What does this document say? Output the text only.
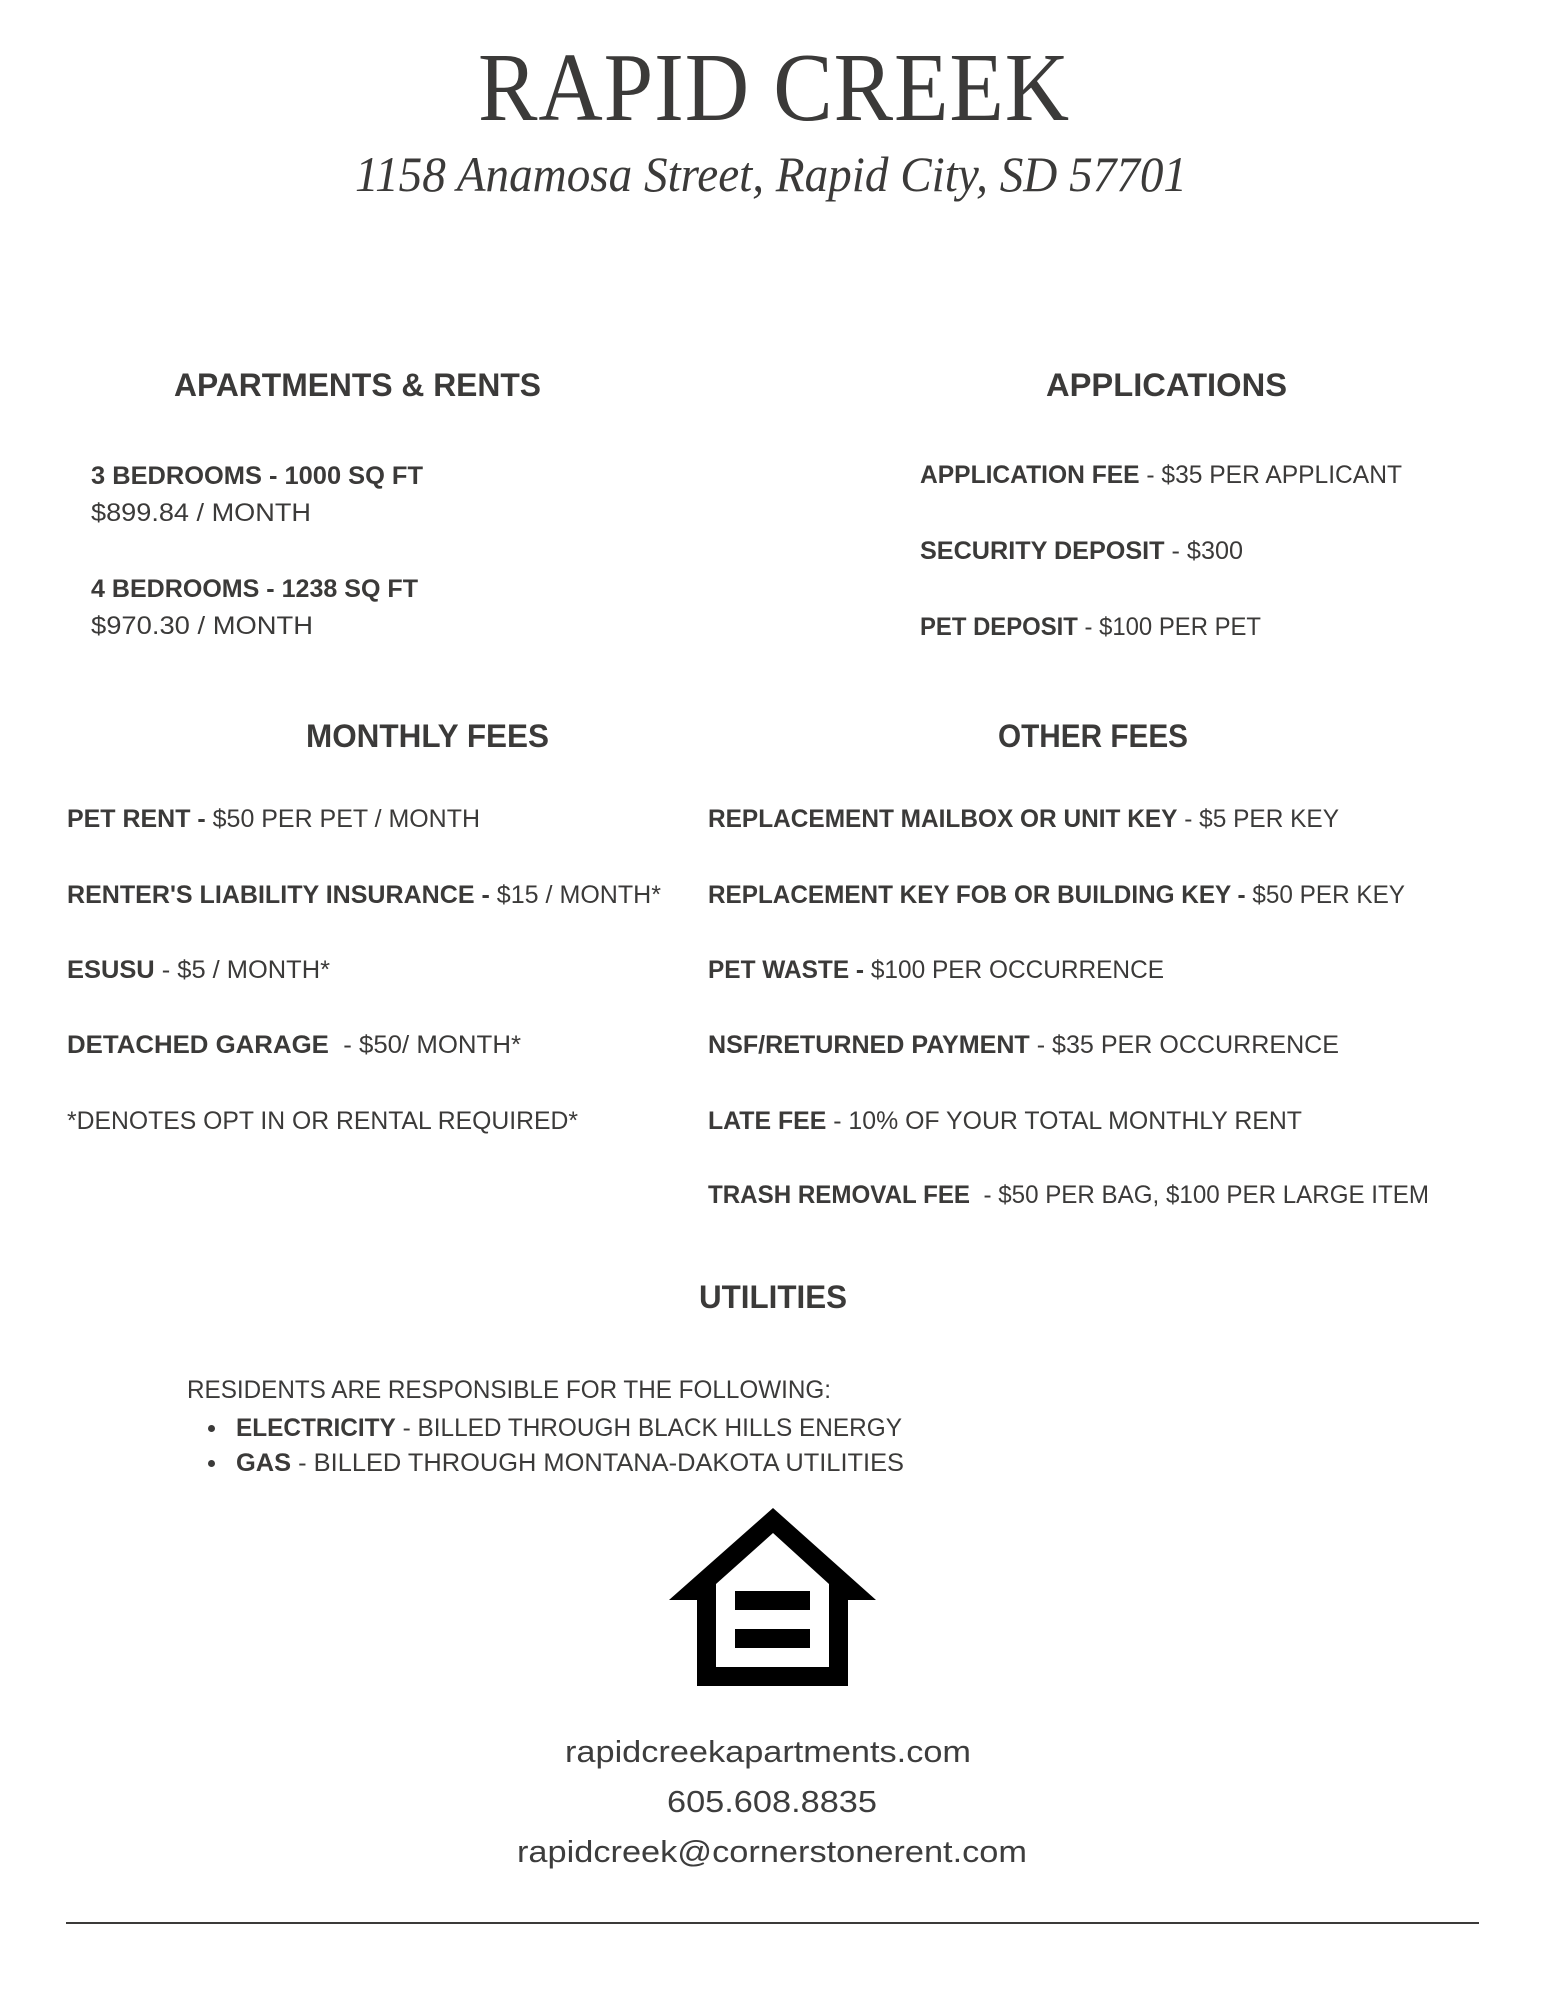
RAPID CREEK
1158 Anamosa Street, Rapid City, SD 57701
APARTMENTS & RENTS
3 BEDROOMS - 1000 SQ FT
$899.84 / MONTH
4 BEDROOMS - 1238 SQ FT
$970.30 / MONTH
APPLICATIONS
APPLICATION FEE - $35 PER APPLICANT
SECURITY DEPOSIT - $300
PET DEPOSIT - $100 PER PET
MONTHLY FEES
PET RENT - $50 PER PET / MONTH
RENTER'S LIABILITY INSURANCE - $15 / MONTH*
ESUSU - $5 / MONTH*
DETACHED GARAGE  - $50/ MONTH*
*DENOTES OPT IN OR RENTAL REQUIRED*
OTHER FEES
REPLACEMENT MAILBOX OR UNIT KEY - $5 PER KEY
REPLACEMENT KEY FOB OR BUILDING KEY - $50 PER KEY
PET WASTE - $100 PER OCCURRENCE
NSF/RETURNED PAYMENT - $35 PER OCCURRENCE
LATE FEE - 10% OF YOUR TOTAL MONTHLY RENT
TRASH REMOVAL FEE  - $50 PER BAG, $100 PER LARGE ITEM
UTILITIES
RESIDENTS ARE RESPONSIBLE FOR THE FOLLOWING:
ELECTRICITY - BILLED THROUGH BLACK HILLS ENERGY
GAS - BILLED THROUGH MONTANA-DAKOTA UTILITIES
rapidcreekapartments.com
605.608.8835
rapidcreek@cornerstonerent.com
